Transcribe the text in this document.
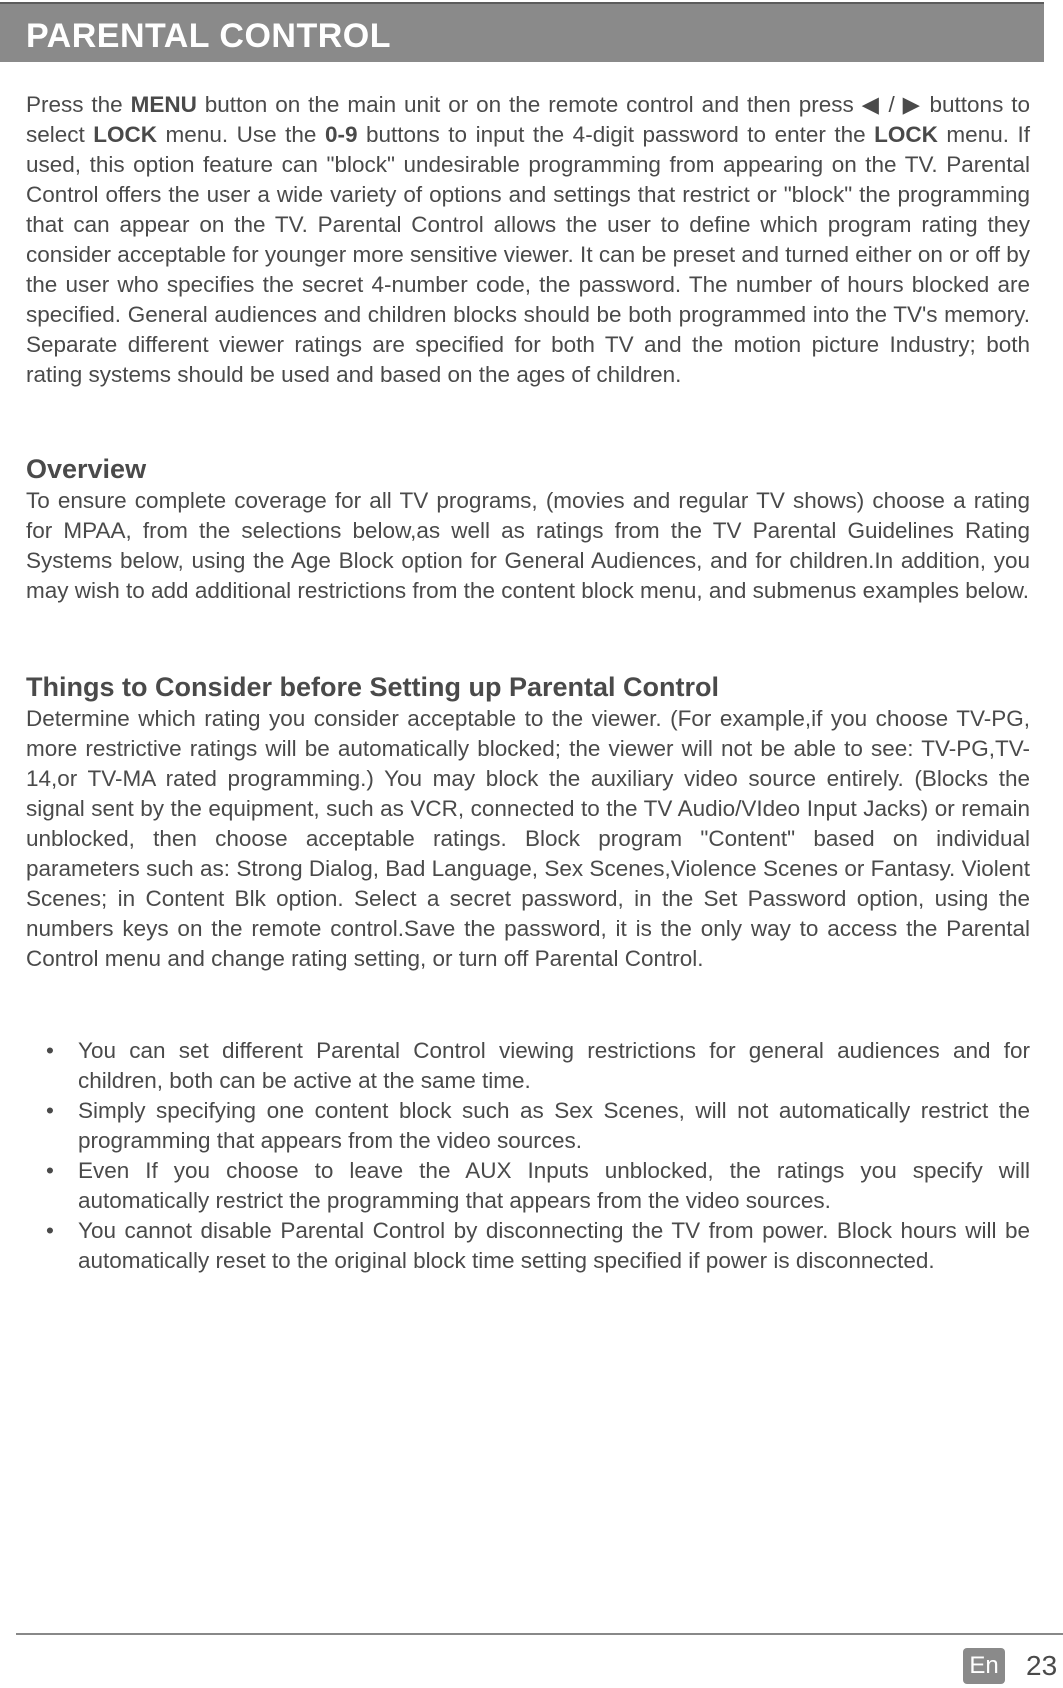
PARENTAL CONTROL

Press the MENU button on the main unit or on the remote control and then press ◀ / ▶ buttons to select LOCK menu. Use the 0-9 buttons to input the 4-digit password to enter the LOCK menu. If used, this option feature can "block" undesirable programming from appearing on the TV. Parental Control offers the user a wide variety of options and settings that restrict or "block" the programming that can appear on the TV. Parental Control allows the user to define which program rating they consider acceptable for younger more sensitive viewer. It can be preset and turned either on or off by the user who specifies the secret 4-number code, the password. The number of hours blocked are specified. General audiences and children blocks should be both programmed into the TV's memory. Separate different viewer ratings are specified for both TV and the motion picture Industry; both rating systems should be used and based on the ages of children.

Overview

To ensure complete coverage for all TV programs, (movies and regular TV shows) choose a rating for MPAA, from the selections below,as well as ratings from the TV Parental Guidelines Rating Systems below, using the Age Block option for General Audiences, and for children.In addition, you may wish to add additional restrictions from the content block menu, and submenus examples below.

Things to Consider before Setting up Parental Control

Determine which rating you consider acceptable to the viewer. (For example,if you choose TV-PG, more restrictive ratings will be automatically blocked; the viewer will not be able to see: TV-PG,TV-14,or TV-MA rated programming.) You may block the auxiliary video source entirely. (Blocks the signal sent by the equipment, such as VCR, connected to the TV Audio/VIdeo Input Jacks) or remain unblocked, then choose acceptable ratings. Block program "Content" based on individual parameters such as: Strong Dialog, Bad Language, Sex Scenes,Violence Scenes or Fantasy. Violent Scenes; in Content Blk option. Select a secret password, in the Set Password option, using the numbers keys on the remote control.Save the password, it is the only way to access the Parental Control menu and change rating setting, or turn off Parental Control.

• You can set different Parental Control viewing restrictions for general audiences and for children, both can be active at the same time.
• Simply specifying one content block such as Sex Scenes, will not automatically restrict the programming that appears from the video sources.
• Even If you choose to leave the AUX Inputs unblocked, the ratings you specify will automatically restrict the programming that appears from the video sources.
• You cannot disable Parental Control by disconnecting the TV from power. Block hours will be automatically reset to the original block time setting specified if power is disconnected.
En 23
